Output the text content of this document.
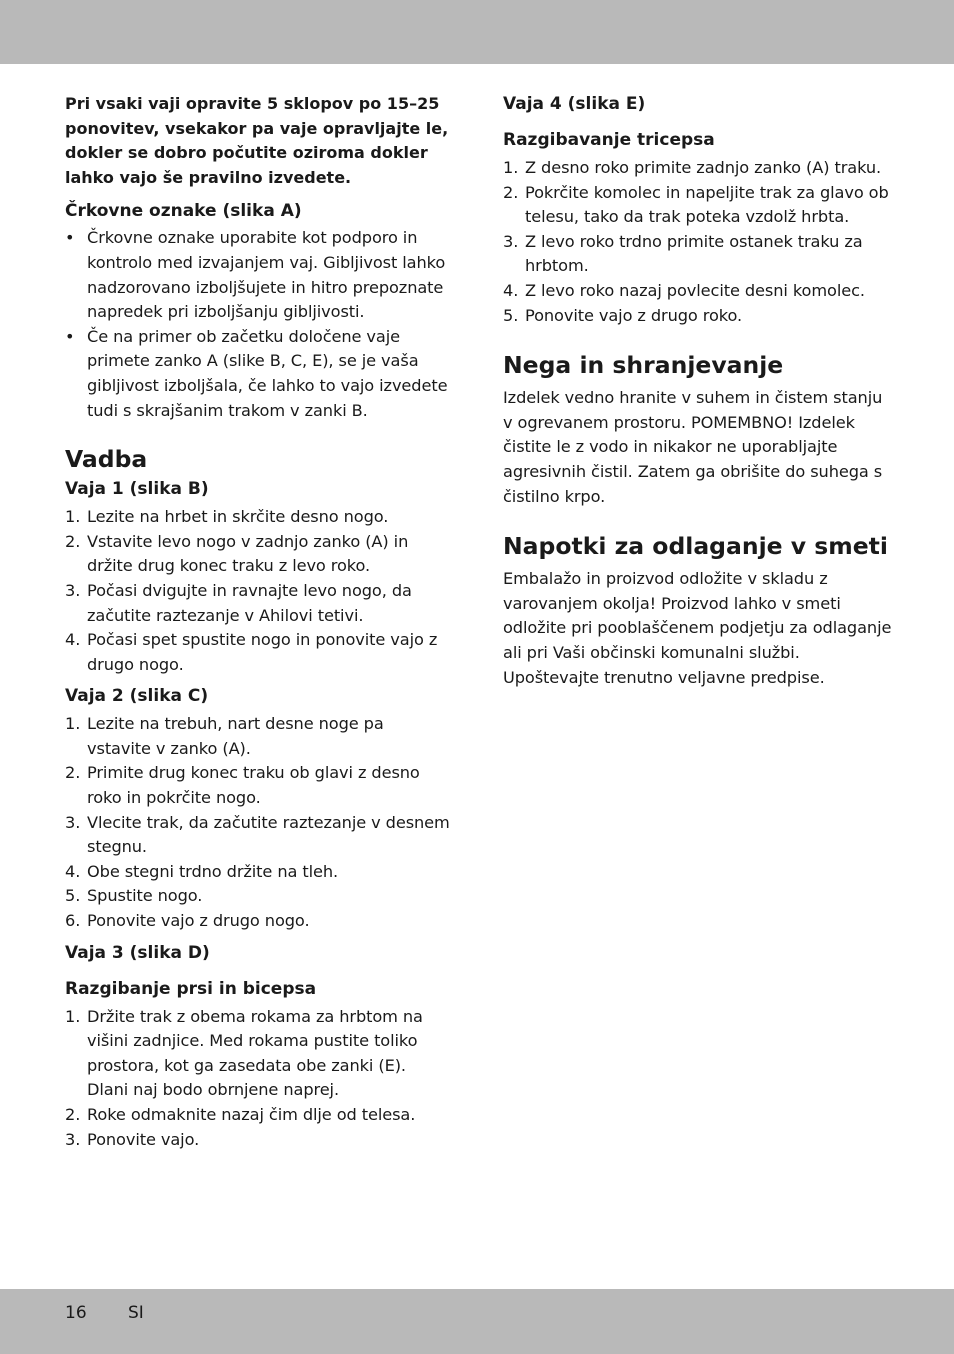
Pri vsaki vaji opravite 5 sklopov po 15–25 ponovitev, vsekakor pa vaje opravljajte le, dokler se dobro počutite oziroma dokler lahko vajo še pravilno izvedete.

Črkovne oznake (slika A)
• Črkovne oznake uporabite kot podporo in kontrolo med izvajanjem vaj. Gibljivost lahko nadzorovano izboljšujete in hitro prepoznate napredek pri izboljšanju gibljivosti.
• Če na primer ob začetku določene vaje primete zanko A (slike B, C, E), se je vaša gibljivost izboljšala, če lahko to vajo izvedete tudi s skrajšanim trakom v zanki B.
Vadba
Vaja 1 (slika B)
1. Lezite na hrbet in skrčite desno nogo.
2. Vstavite levo nogo v zadnjo zanko (A) in držite drug konec traku z levo roko.
3. Počasi dvigujte in ravnajte levo nogo, da začutite raztezanje v Ahilovi tetivi.
4. Počasi spet spustite nogo in ponovite vajo z drugo nogo.
Vaja 2 (slika C)
1. Lezite na trebuh, nart desne noge pa vstavite v zanko (A).
2. Primite drug konec traku ob glavi z desno roko in pokrčite nogo.
3. Vlecite trak, da začutite raztezanje v desnem stegnu.
4. Obe stegni trdno držite na tleh.
5. Spustite nogo.
6. Ponovite vajo z drugo nogo.
Vaja 3 (slika D)
Razgibanje prsi in bicepsa
1. Držite trak z obema rokama za hrbtom na višini zadnjice. Med rokama pustite toliko prostora, kot ga zasedata obe zanki (E). Dlani naj bodo obrnjene naprej.
2. Roke odmaknite nazaj čim dlje od telesa.
3. Ponovite vajo.
Vaja 4 (slika E)
Razgibavanje tricepsa
1. Z desno roko primite zadnjo zanko (A) traku.
2. Pokrčite komolec in napeljite trak za glavo ob telesu, tako da trak poteka vzdolž hrbta.
3. Z levo roko trdno primite ostanek traku za hrbtom.
4. Z levo roko nazaj povlecite desni komolec.
5. Ponovite vajo z drugo roko.
Nega in shranjevanje

Izdelek vedno hranite v suhem in čistem stanju v ogrevanem prostoru. POMEMBNO! Izdelek čistite le z vodo in nikakor ne uporabljajte agresivnih čistil. Zatem ga obrišite do suhega s čistilno krpo.

Napotki za odlaganje v smeti

Embalažo in proizvod odložite v skladu z varovanjem okolja! Proizvod lahko v smeti odložite pri pooblaščenem podjetju za odlaganje ali pri Vaši občinski komunalni službi. Upoštevajte trenutno veljavne predpise.

16 SI
